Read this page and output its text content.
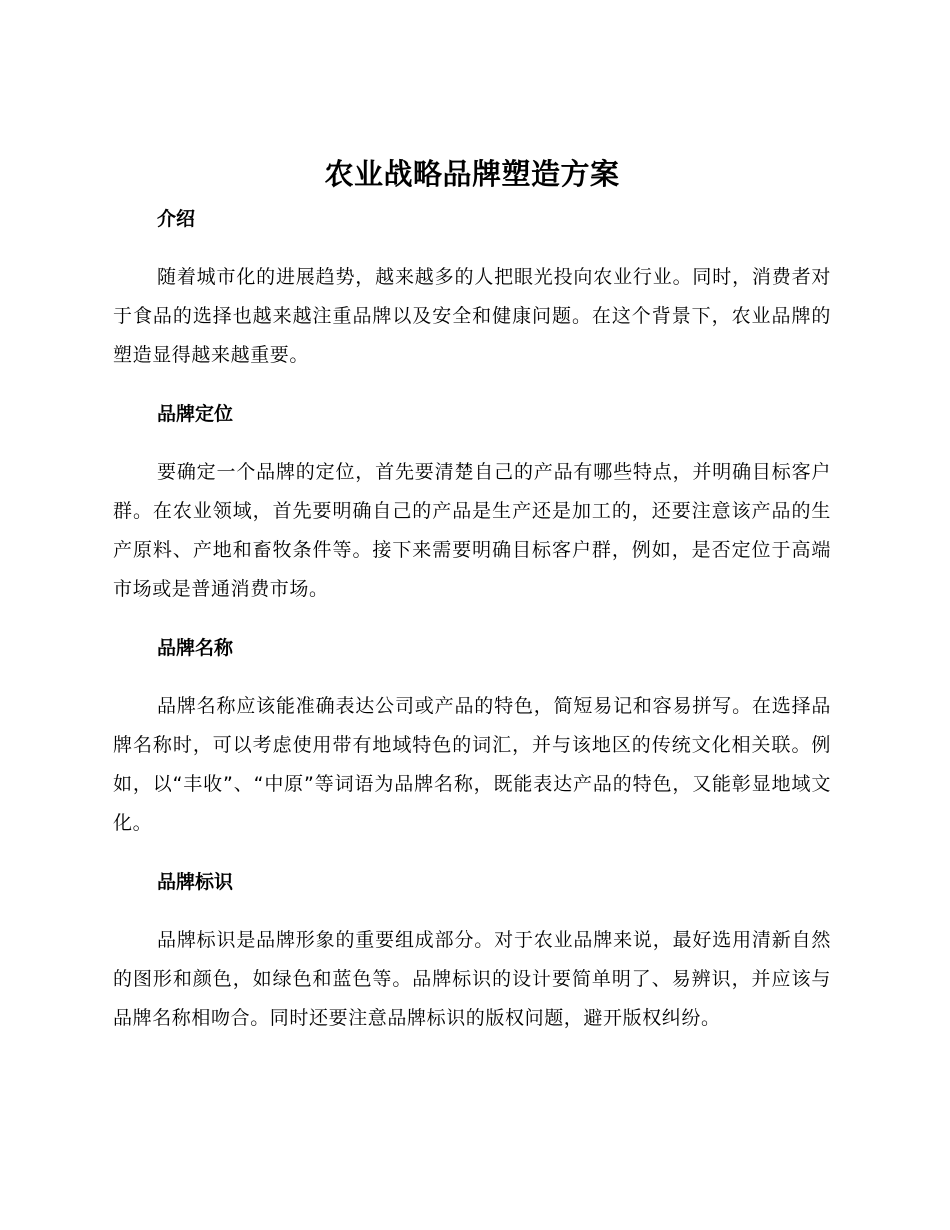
农业战略品牌塑造方案
介绍

随着城市化的进展趋势，越来越多的人把眼光投向农业行业。同时，消费者对于食品的选择也越来越注重品牌以及安全和健康问题。在这个背景下，农业品牌的塑造显得越来越重要。

品牌定位

要确定一个品牌的定位，首先要清楚自己的产品有哪些特点，并明确目标客户群。在农业领域，首先要明确自己的产品是生产还是加工的，还要注意该产品的生产原料、产地和畜牧条件等。接下来需要明确目标客户群，例如，是否定位于高端市场或是普通消费市场。

品牌名称

品牌名称应该能准确表达公司或产品的特色，简短易记和容易拼写。在选择品牌名称时，可以考虑使用带有地域特色的词汇，并与该地区的传统文化相关联。例如，以“丰收”、“中原”等词语为品牌名称，既能表达产品的特色，又能彰显地域文化。

品牌标识

品牌标识是品牌形象的重要组成部分。对于农业品牌来说，最好选用清新自然的图形和颜色，如绿色和蓝色等。品牌标识的设计要简单明了、易辨识，并应该与品牌名称相吻合。同时还要注意品牌标识的版权问题，避开版权纠纷。
